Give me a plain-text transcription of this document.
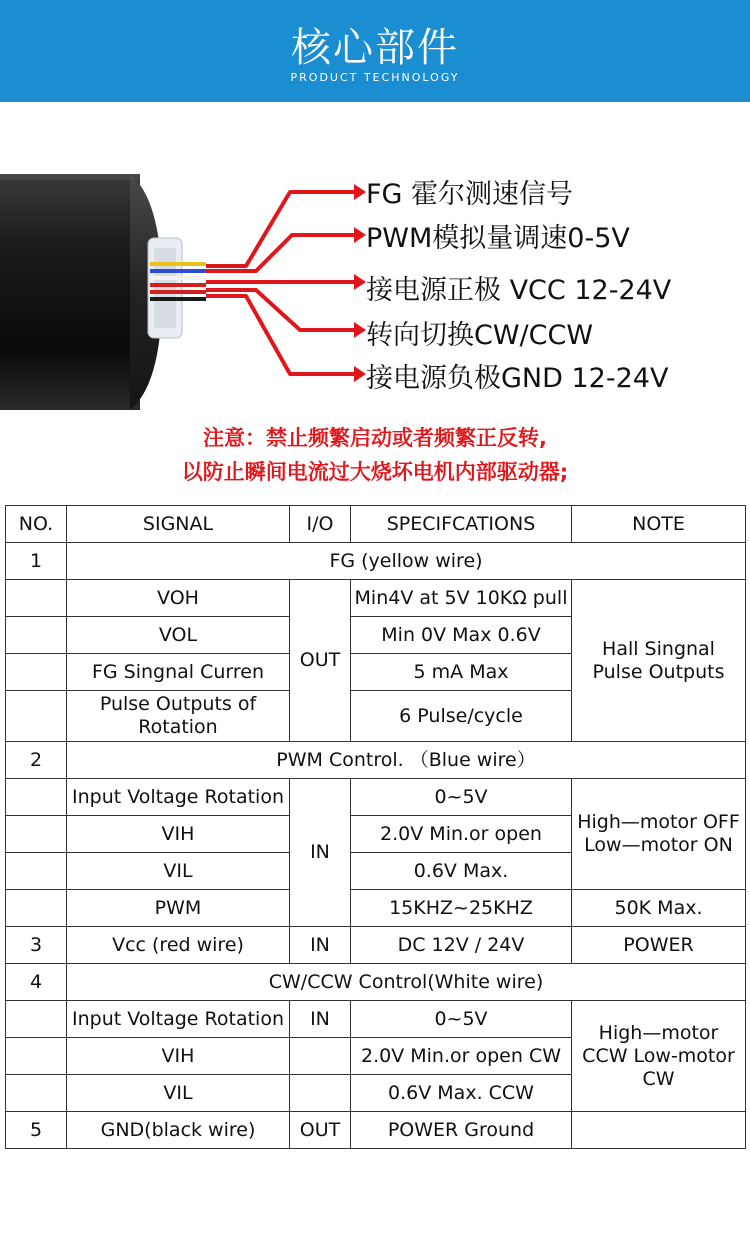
核心部件
PRODUCT TECHNOLOGY
FG 霍尔测速信号
PWM模拟量调速0-5V
接电源正极 VCC 12-24V
转向切换CW/CCW
接电源负极GND 12-24V
注意：禁止频繁启动或者频繁正反转,
以防止瞬间电流过大烧坏电机内部驱动器;
NO.	SIGNAL	I/O	SPECIFCATIONS	NOTE
1	FG (yellow wire)			
	VOH	OUT	Min4V at 5V 10KΩ pull	Hall Singnal Pulse Outputs
	VOL		Min 0V Max 0.6V	
	FG Singnal Curren		5 mA Max	
	Pulse Outputs of Rotation		6 Pulse/cycle	
2	PWM Control. （Blue wire）			
	Input Voltage Rotation	IN	0~5V	High—motor OFF Low—motor ON
	VIH		2.0V Min.or open	
	VIL		0.6V Max.	
	PWM		15KHZ~25KHZ	50K Max.
3	Vcc (red wire)	IN	DC 12V / 24V	POWER
4	CW/CCW Control(White wire)			
	Input Voltage Rotation	IN	0~5V	High—motor CCW Low-motor CW
	VIH		2.0V Min.or open CW	
	VIL		0.6V Max. CCW	
5	GND(black wire)	OUT	POWER Ground	
